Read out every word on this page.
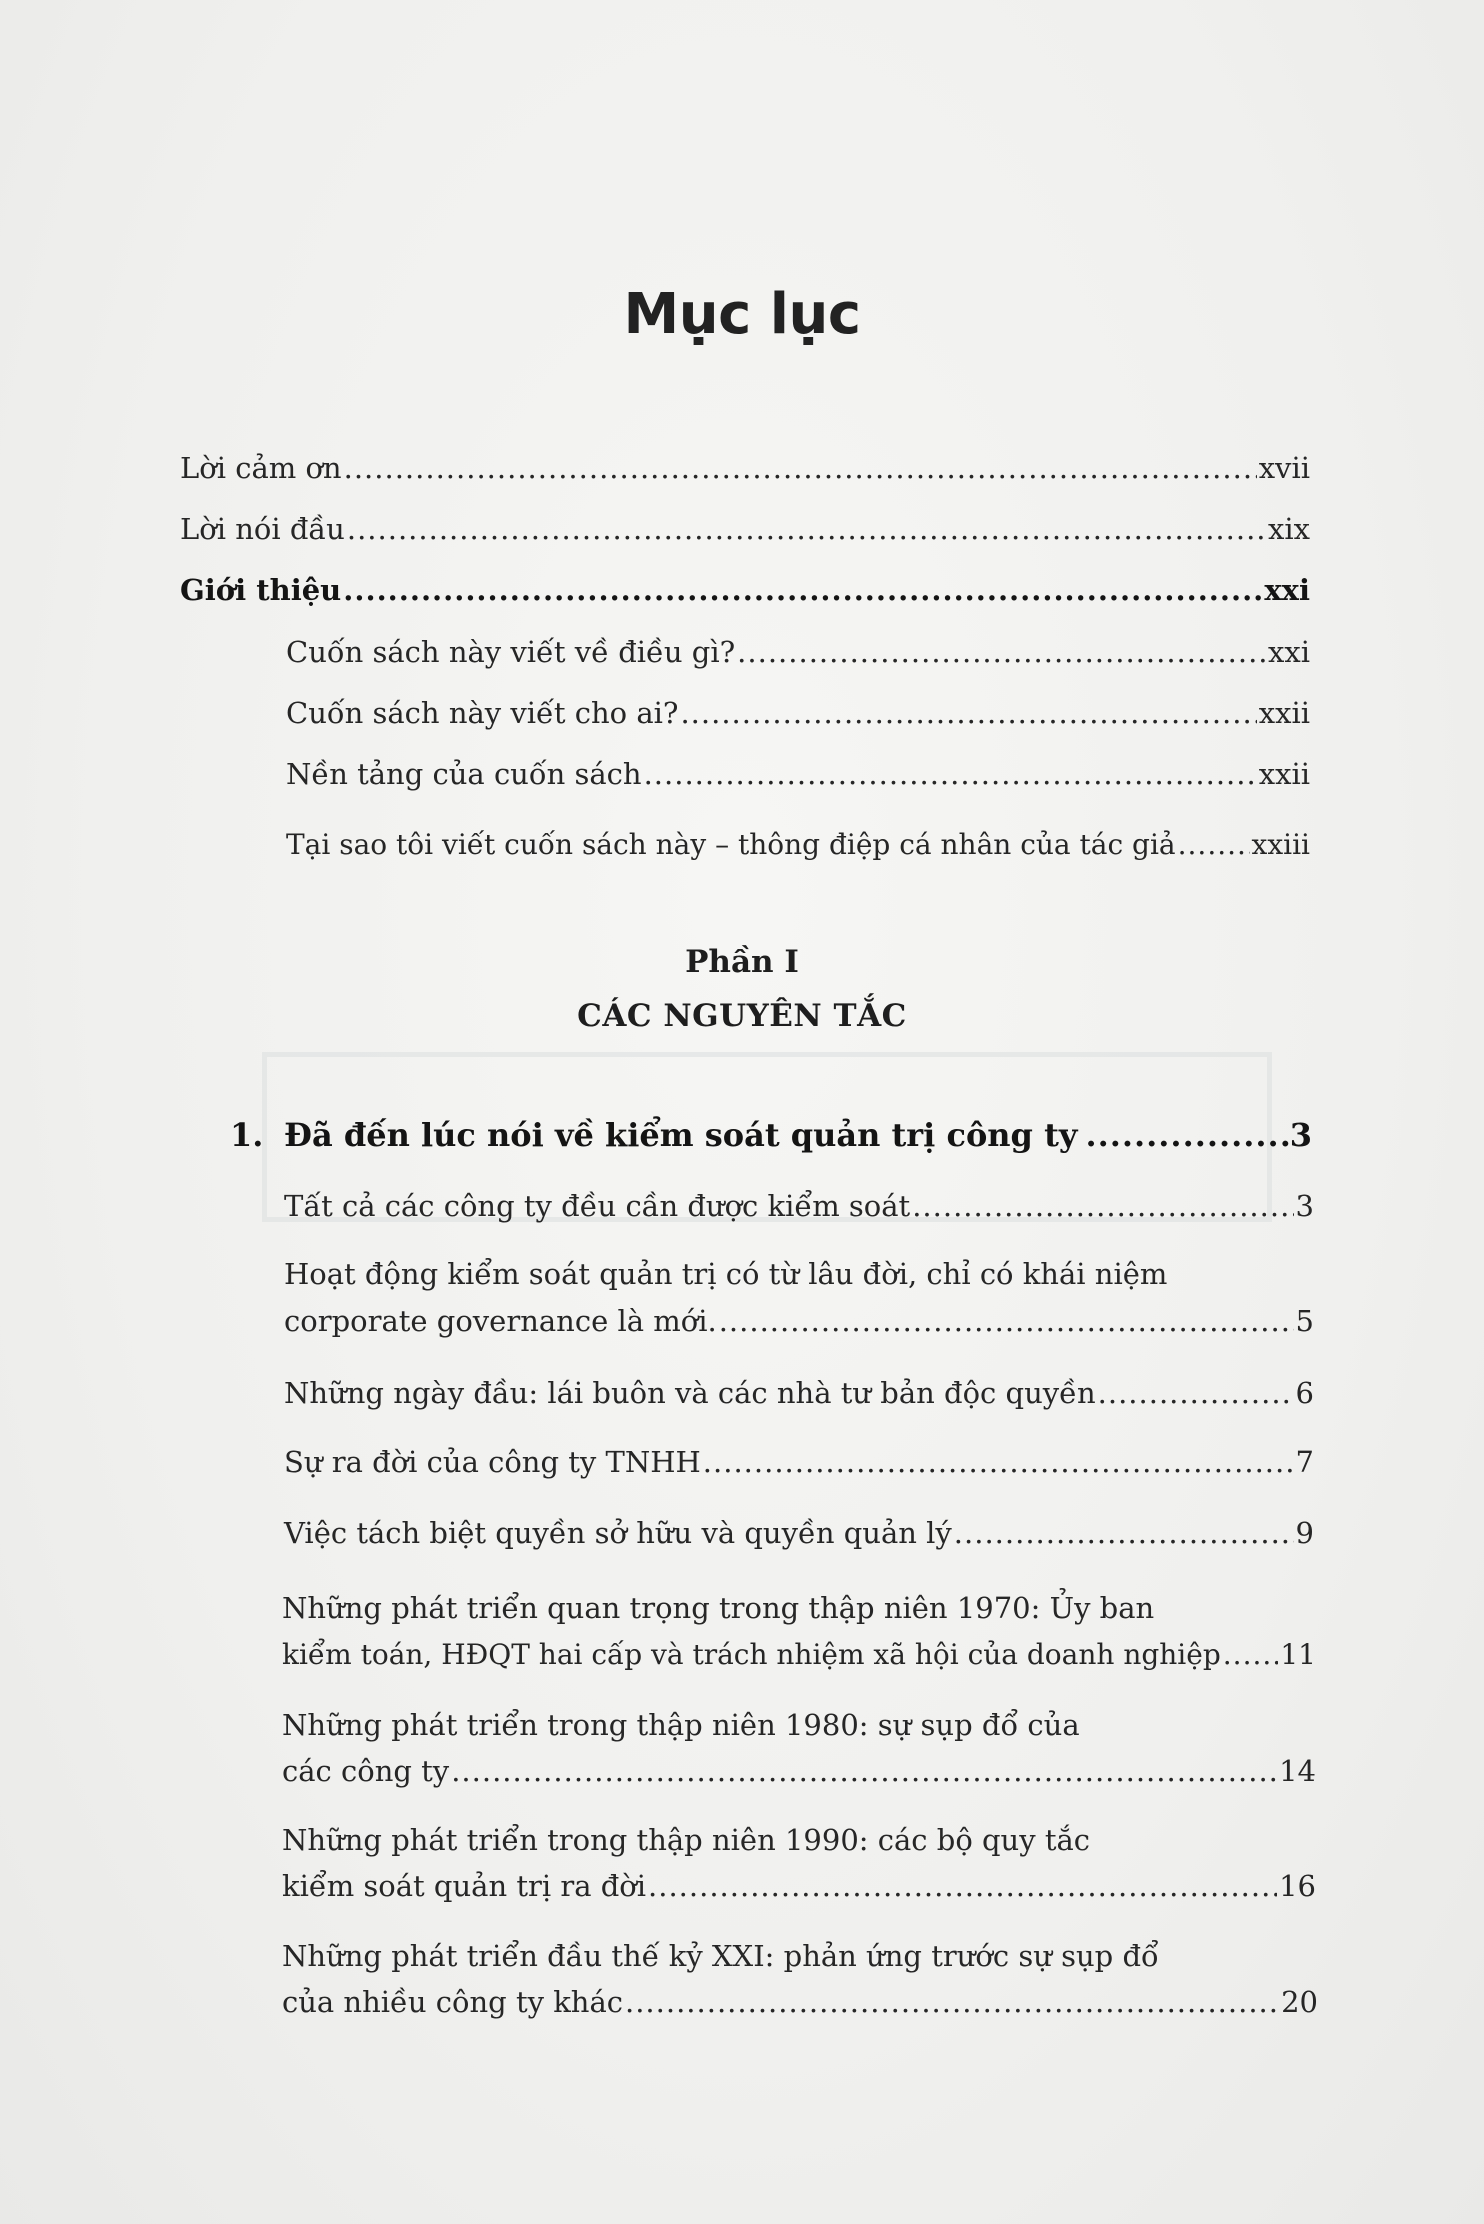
Mục lục
Lời cảm ơn .....	xvii
Lời nói đầu .....	xix
Giới thiệu .....	xxi
Cuốn sách này viết về điều gì? .....	xxi
Cuốn sách này viết cho ai? .....	xxii
Nền tảng của cuốn sách .....	xxii
Tại sao tôi viết cuốn sách này – thông điệp cá nhân của tác giả .....	xxiii
Phần I
CÁC NGUYÊN TẮC
1. Đã đến lúc nói về kiểm soát quản trị công ty .....	3
Tất cả các công ty đều cần được kiểm soát .....	3
Hoạt động kiểm soát quản trị có từ lâu đời, chỉ có khái niệm
corporate governance là mới. .....	5
Những ngày đầu: lái buôn và các nhà tư bản độc quyền .....	6
Sự ra đời của công ty TNHH .....	7
Việc tách biệt quyền sở hữu và quyền quản lý .....	9
Những phát triển quan trọng trong thập niên 1970: Ủy ban
kiểm toán, HĐQT hai cấp và trách nhiệm xã hội của doanh nghiệp ..... 11
Những phát triển trong thập niên 1980: sự sụp đổ của
các công ty .....	14
Những phát triển trong thập niên 1990: các bộ quy tắc
kiểm soát quản trị ra đời .....	16
Những phát triển đầu thế kỷ XXI: phản ứng trước sự sụp đổ
của nhiều công ty khác .....	20
